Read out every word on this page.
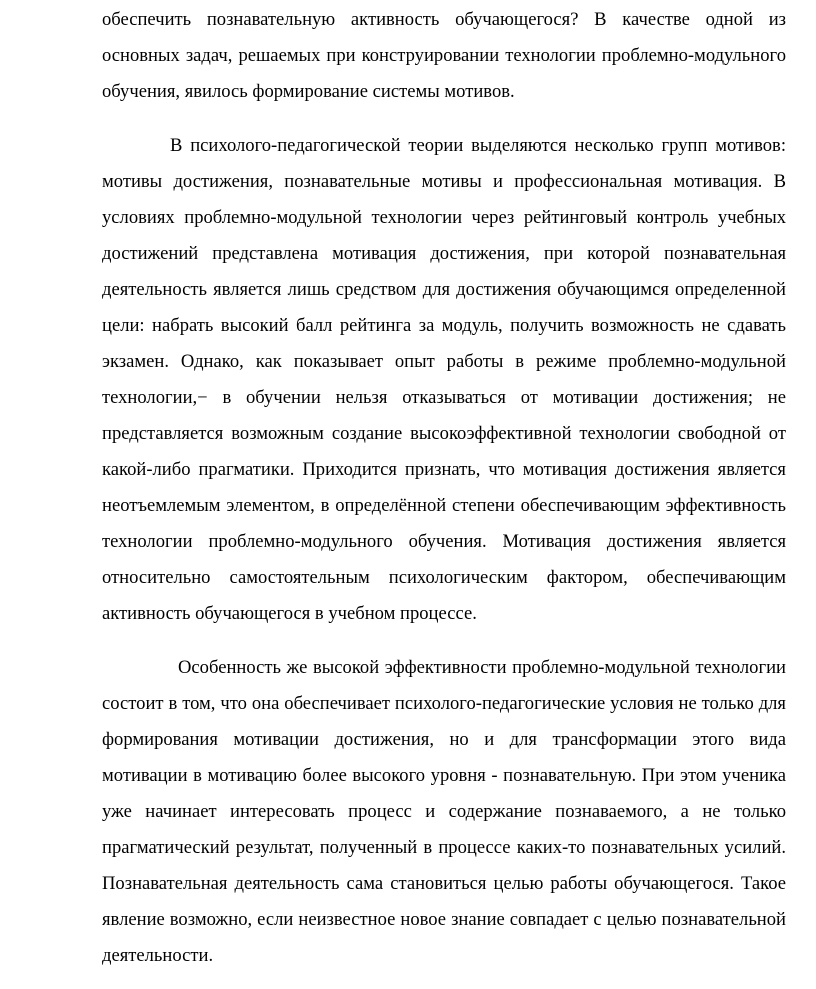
обеспечить познавательную активность обучающегося? В качестве одной из основных задач, решаемых при конструировании технологии проблемно-модульного обучения, явилось формирование системы мотивов.

В психолого-педагогической теории выделяются несколько групп мотивов: мотивы достижения, познавательные мотивы и профессиональная мотивация. В условиях проблемно-модульной технологии через рейтинговый контроль учебных достижений представлена мотивация достижения, при которой познавательная деятельность является лишь средством для достижения обучающимся определенной цели: набрать высокий балл рейтинга за модуль, получить возможность не сдавать экзамен. Однако, как показывает опыт работы в режиме проблемно-модульной технологии,− в обучении нельзя отказываться от мотивации достижения; не представляется возможным создание высокоэффективной технологии свободной от какой-либо прагматики. Приходится признать, что мотивация достижения является неотъемлемым элементом, в определённой степени обеспечивающим эффективность технологии проблемно-модульного обучения. Мотивация достижения является относительно самостоятельным психологическим фактором, обеспечивающим активность обучающегося в учебном процессе.

Особенность же высокой эффективности проблемно-модульной технологии состоит в том, что она обеспечивает психолого-педагогические условия не только для формирования мотивации достижения, но и для трансформации этого вида мотивации в мотивацию более высокого уровня - познавательную. При этом ученика уже начинает интересовать процесс и содержание познаваемого, а не только прагматический результат, полученный в процессе каких-то познавательных усилий. Познавательная деятельность сама становиться целью работы обучающегося. Такое явление возможно, если неизвестное новое знание совпадает с целью познавательной деятельности.
